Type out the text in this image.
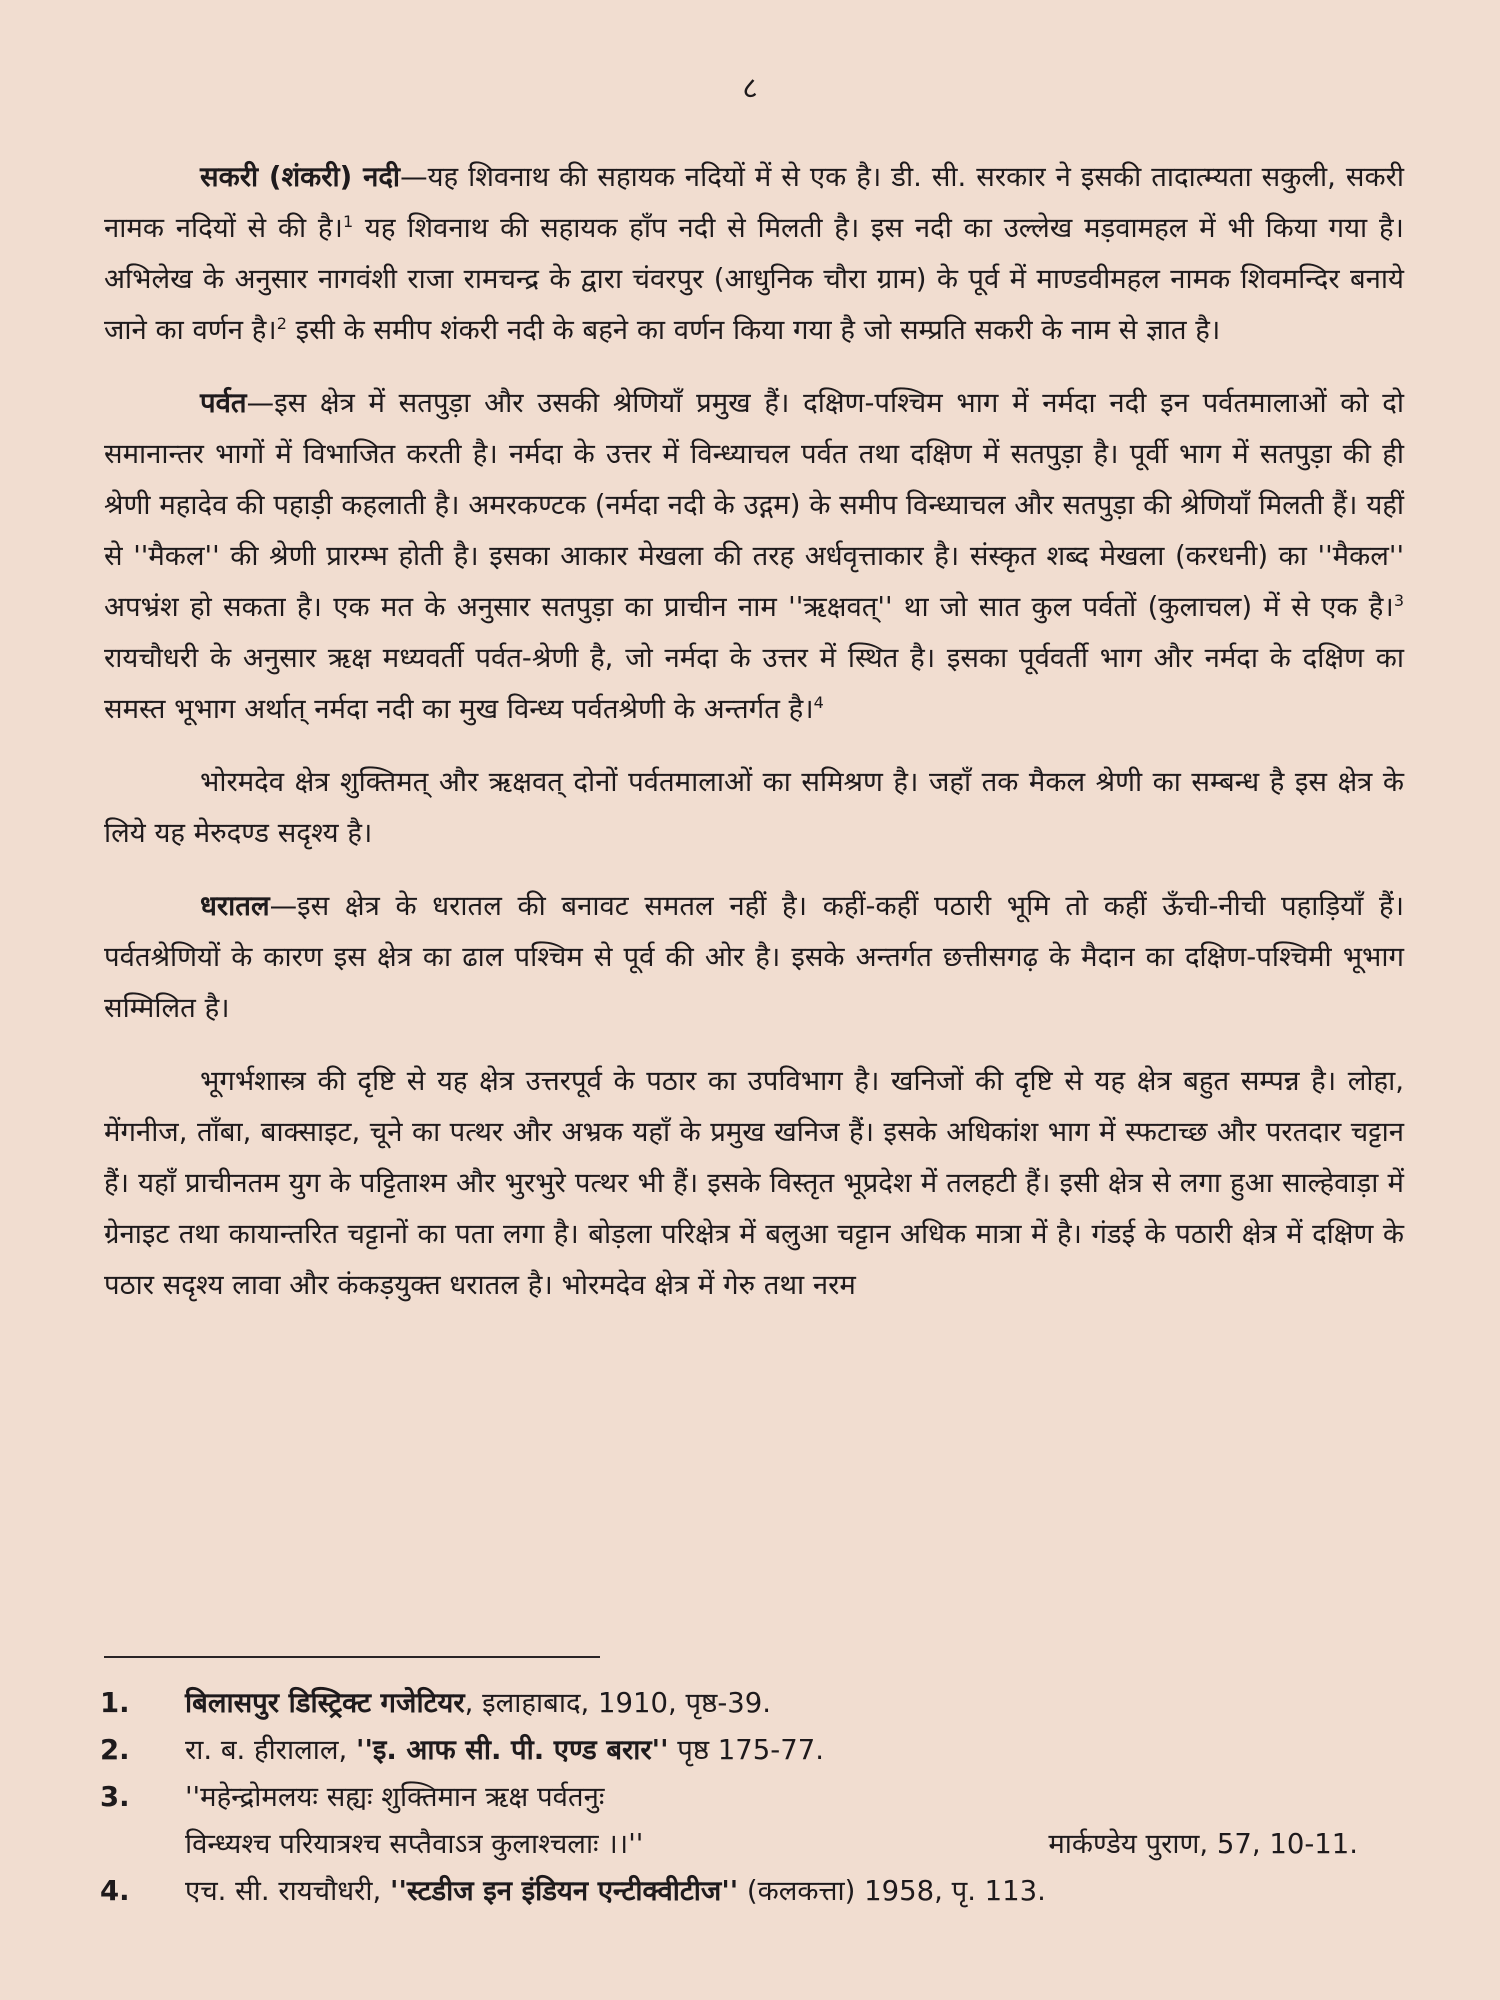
८

सकरी (शंकरी) नदी—यह शिवनाथ की सहायक नदियों में से एक है। डी. सी. सरकार ने इसकी तादात्म्यता सकुली, सकरी नामक नदियों से की है।$^1$ यह शिवनाथ की सहायक हाँप नदी से मिलती है। इस नदी का उल्लेख मड़वामहल में भी किया गया है। अभिलेख के अनुसार नागवंशी राजा रामचन्द्र के द्वारा चंवरपुर (आधुनिक चौरा ग्राम) के पूर्व में माण्डवीमहल नामक शिवमन्दिर बनाये जाने का वर्णन है।$^2$ इसी के समीप शंकरी नदी के बहने का वर्णन किया गया है जो सम्प्रति सकरी के नाम से ज्ञात है।

पर्वत—इस क्षेत्र में सतपुड़ा और उसकी श्रेणियाँ प्रमुख हैं। दक्षिण-पश्चिम भाग में नर्मदा नदी इन पर्वतमालाओं को दो समानान्तर भागों में विभाजित करती है। नर्मदा के उत्तर में विन्ध्याचल पर्वत तथा दक्षिण में सतपुड़ा है। पूर्वी भाग में सतपुड़ा की ही श्रेणी महादेव की पहाड़ी कहलाती है। अमरकण्टक (नर्मदा नदी के उद्गम) के समीप विन्ध्याचल और सतपुड़ा की श्रेणियाँ मिलती हैं। यहीं से ''मैकल'' की श्रेणी प्रारम्भ होती है। इसका आकार मेखला की तरह अर्धवृत्ताकार है। संस्कृत शब्द मेखला (करधनी) का ''मैकल'' अपभ्रंश हो सकता है। एक मत के अनुसार सतपुड़ा का प्राचीन नाम ''ऋक्षवत्'' था जो सात कुल पर्वतों (कुलाचल) में से एक है।$^3$ रायचौधरी के अनुसार ऋक्ष मध्यवर्ती पर्वत-श्रेणी है, जो नर्मदा के उत्तर में स्थित है। इसका पूर्ववर्ती भाग और नर्मदा के दक्षिण का समस्त भूभाग अर्थात् नर्मदा नदी का मुख विन्ध्य पर्वतश्रेणी के अन्तर्गत है।$^4$

भोरमदेव क्षेत्र शुक्तिमत् और ऋक्षवत् दोनों पर्वतमालाओं का समिश्रण है। जहाँ तक मैकल श्रेणी का सम्बन्ध है इस क्षेत्र के लिये यह मेरुदण्ड सदृश्य है।

धरातल—इस क्षेत्र के धरातल की बनावट समतल नहीं है। कहीं-कहीं पठारी भूमि तो कहीं ऊँची-नीची पहाड़ियाँ हैं। पर्वतश्रेणियों के कारण इस क्षेत्र का ढाल पश्चिम से पूर्व की ओर है। इसके अन्तर्गत छत्तीसगढ़ के मैदान का दक्षिण-पश्चिमी भूभाग सम्मिलित है।

भूगर्भशास्त्र की दृष्टि से यह क्षेत्र उत्तरपूर्व के पठार का उपविभाग है। खनिजों की दृष्टि से यह क्षेत्र बहुत सम्पन्न है। लोहा, मेंगनीज, ताँबा, बाक्साइट, चूने का पत्थर और अभ्रक यहाँ के प्रमुख खनिज हैं। इसके अधिकांश भाग में स्फटाच्छ और परतदार चट्टान हैं। यहाँ प्राचीनतम युग के पट्टिताश्म और भुरभुरे पत्थर भी हैं। इसके विस्तृत भूप्रदेश में तलहटी हैं। इसी क्षेत्र से लगा हुआ साल्हेवाड़ा में ग्रेनाइट तथा कायान्तरित चट्टानों का पता लगा है। बोड़ला परिक्षेत्र में बलुआ चट्टान अधिक मात्रा में है। गंडई के पठारी क्षेत्र में दक्षिण के पठार सदृश्य लावा और कंकड़युक्त धरातल है। भोरमदेव क्षेत्र में गेरु तथा नरम

1.	बिलासपुर डिस्ट्रिक्ट गजेटियर, इलाहाबाद, 1910, पृष्ठ-39.
2.	रा. ब. हीरालाल, ''इ. आफ सी. पी. एण्ड बरार'' पृष्ठ 175-77.
3.	''महेन्द्रोमलयः सह्यः शुक्तिमान ऋक्ष पर्वतनुः
विन्ध्यश्च परियात्रश्च सप्तैवाऽत्र कुलाश्चलाः ।।''	मार्कण्डेय पुराण, 57, 10-11.
4.	एच. सी. रायचौधरी, ''स्टडीज इन इंडियन एन्टीक्वीटीज'' (कलकत्ता) 1958, पृ. 113.
